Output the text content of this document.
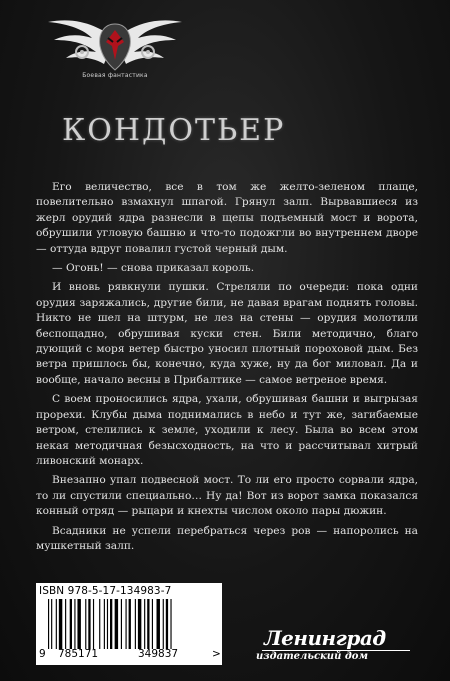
Боевая фантастика
КОНДОТЬЕР

Его величество, все в том же желто-зеленом плаще, повелительно взмахнул шпагой. Грянул залп. Вырвавшиеся из жерл орудий ядра разнесли в щепы подъемный мост и ворота, обрушили угловую башню и что-то подожгли во внутреннем дворе — оттуда вдруг повалил густой черный дым.

— Огонь! — снова приказал король.

И вновь рявкнули пушки. Стреляли по очереди: пока одни орудия заряжались, другие били, не давая врагам поднять головы. Никто не шел на штурм, не лез на стены — орудия молотили беспощадно, обрушивая куски стен. Били методично, благо дующий с моря ветер быстро уносил плотный пороховой дым. Без ветра пришлось бы, конечно, куда хуже, ну да бог миловал. Да и вообще, начало весны в Прибалтике — самое ветреное время.

С воем проносились ядра, ухали, обрушивая башни и выгрызая прорехи. Клубы дыма поднимались в небо и тут же, загибаемые ветром, стелились к земле, уходили к лесу. Была во всем этом некая методичная безысходность, на что и рассчитывал хитрый ливонский монарх.

Внезапно упал подвесной мост. То ли его просто сорвали ядра, то ли спустили специально… Ну да! Вот из ворот замка показался конный отряд — рыцари и кнехты числом около пары дюжин.

Всадники не успели перебраться через ров — напоролись на мушкетный залп.

ISBN 978-5-17-134983-7
9 785171	349837	>
Ленинград
издательский дом
